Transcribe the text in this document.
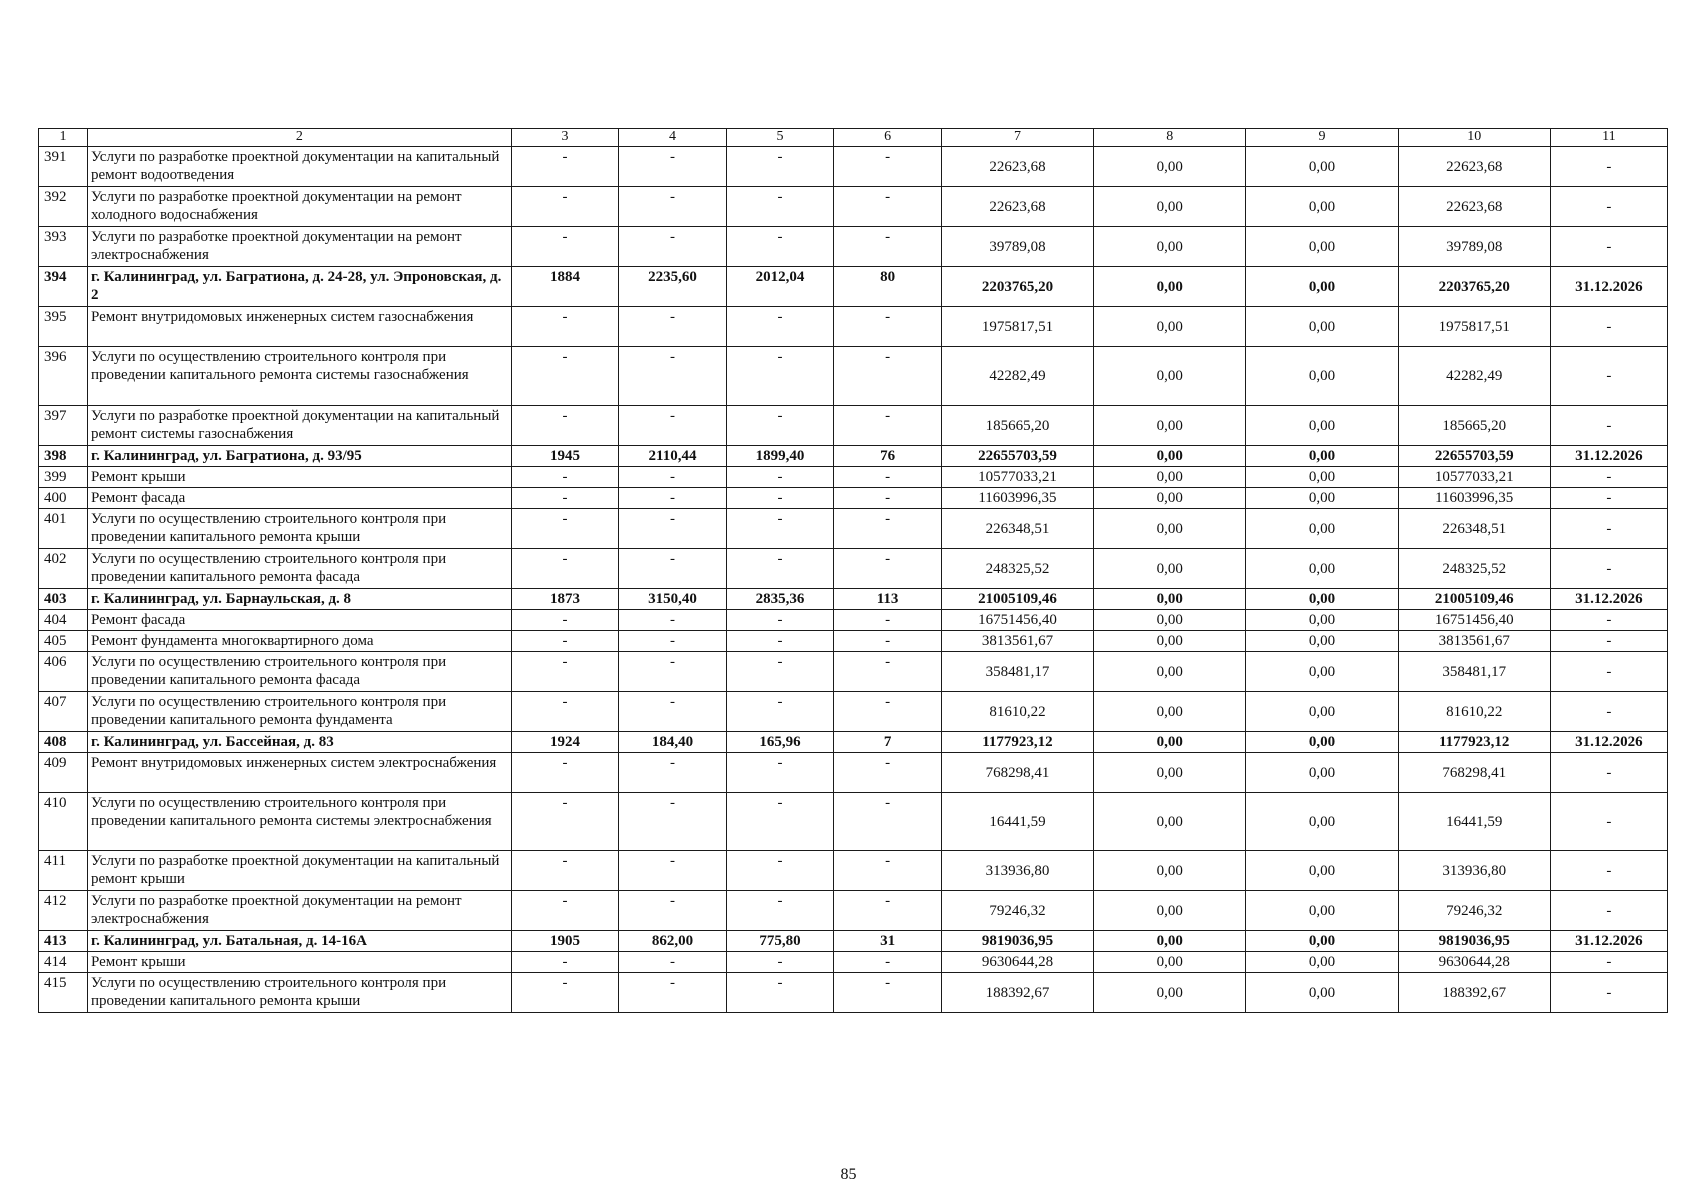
1	2	3	4	5	6	7	8	9	10	11
391	Услуги по разработке проектной документации на капитальный ремонт водоотведения	-	-	-	-	22623,68	0,00	0,00	22623,68	-
392	Услуги по разработке проектной документации на ремонт холодного водоснабжения	-	-	-	-	22623,68	0,00	0,00	22623,68	-
393	Услуги по разработке проектной документации на ремонт электроснабжения	-	-	-	-	39789,08	0,00	0,00	39789,08	-
394	г. Калининград, ул. Багратиона, д. 24-28, ул. Эпроновская, д. 2	1884	2235,60	2012,04	80	2203765,20	0,00	0,00	2203765,20	31.12.2026
395	Ремонт внутридомовых инженерных систем газоснабжения	-	-	-	-	1975817,51	0,00	0,00	1975817,51	-
396	Услуги по осуществлению строительного контроля при проведении капитального ремонта системы газоснабжения	-	-	-	-	42282,49	0,00	0,00	42282,49	-
397	Услуги по разработке проектной документации на капитальный ремонт системы газоснабжения	-	-	-	-	185665,20	0,00	0,00	185665,20	-
398	г. Калининград, ул. Багратиона, д. 93/95	1945	2110,44	1899,40	76	22655703,59	0,00	0,00	22655703,59	31.12.2026
399	Ремонт крыши	-	-	-	-	10577033,21	0,00	0,00	10577033,21	-
400	Ремонт фасада	-	-	-	-	11603996,35	0,00	0,00	11603996,35	-
401	Услуги по осуществлению строительного контроля при проведении капитального ремонта крыши	-	-	-	-	226348,51	0,00	0,00	226348,51	-
402	Услуги по осуществлению строительного контроля при проведении капитального ремонта фасада	-	-	-	-	248325,52	0,00	0,00	248325,52	-
403	г. Калининград, ул. Барнаульская, д. 8	1873	3150,40	2835,36	113	21005109,46	0,00	0,00	21005109,46	31.12.2026
404	Ремонт фасада	-	-	-	-	16751456,40	0,00	0,00	16751456,40	-
405	Ремонт фундамента многоквартирного дома	-	-	-	-	3813561,67	0,00	0,00	3813561,67	-
406	Услуги по осуществлению строительного контроля при проведении капитального ремонта фасада	-	-	-	-	358481,17	0,00	0,00	358481,17	-
407	Услуги по осуществлению строительного контроля при проведении капитального ремонта фундамента	-	-	-	-	81610,22	0,00	0,00	81610,22	-
408	г. Калининград, ул. Бассейная, д. 83	1924	184,40	165,96	7	1177923,12	0,00	0,00	1177923,12	31.12.2026
409	Ремонт внутридомовых инженерных систем электроснабжения	-	-	-	-	768298,41	0,00	0,00	768298,41	-
410	Услуги по осуществлению строительного контроля при проведении капитального ремонта системы электроснабжения	-	-	-	-	16441,59	0,00	0,00	16441,59	-
411	Услуги по разработке проектной документации на капитальный ремонт крыши	-	-	-	-	313936,80	0,00	0,00	313936,80	-
412	Услуги по разработке проектной документации на ремонт электроснабжения	-	-	-	-	79246,32	0,00	0,00	79246,32	-
413	г. Калининград, ул. Батальная, д. 14-16А	1905	862,00	775,80	31	9819036,95	0,00	0,00	9819036,95	31.12.2026
414	Ремонт крыши	-	-	-	-	9630644,28	0,00	0,00	9630644,28	-
415	Услуги по осуществлению строительного контроля при проведении капитального ремонта крыши	-	-	-	-	188392,67	0,00	0,00	188392,67	-
85
